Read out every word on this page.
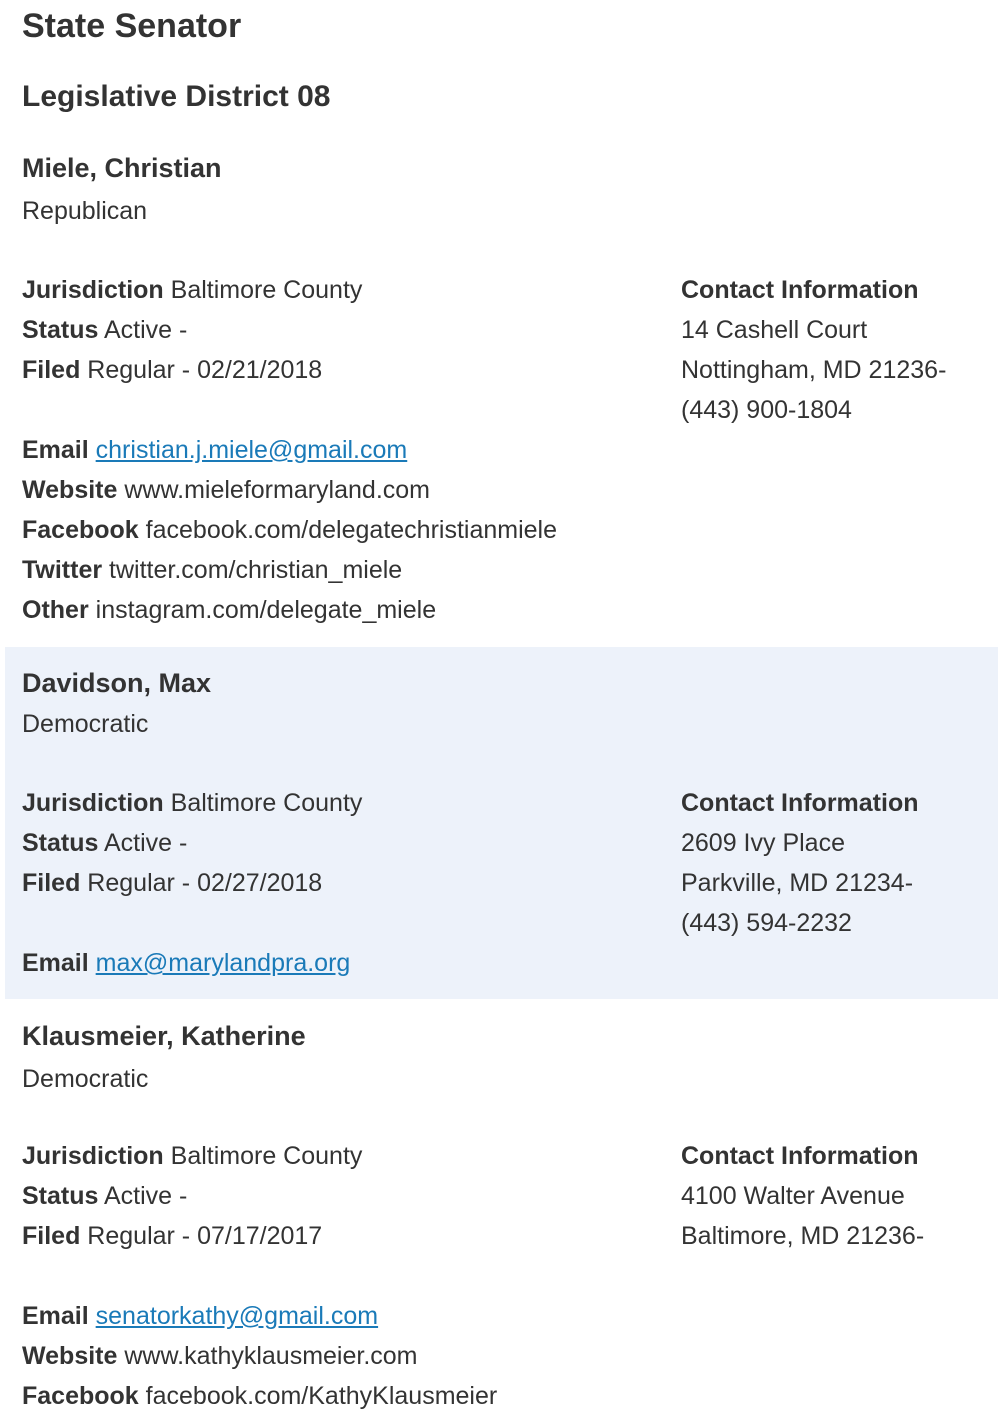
State Senator
Legislative District 08
Miele, Christian
Republican
Jurisdiction Baltimore County
Status Active -
Filed Regular - 02/21/2018
Email christian.j.miele@gmail.com
Website www.mieleformaryland.com
Facebook facebook.com/delegatechristianmiele
Twitter twitter.com/christian_miele
Other instagram.com/delegate_miele
Contact Information
14 Cashell Court
Nottingham, MD 21236-
(443) 900-1804
Davidson, Max
Democratic
Jurisdiction Baltimore County
Status Active -
Filed Regular - 02/27/2018
Email max@marylandpra.org
Contact Information
2609 Ivy Place
Parkville, MD 21234-
(443) 594-2232
Klausmeier, Katherine
Democratic
Jurisdiction Baltimore County
Status Active -
Filed Regular - 07/17/2017
Email senatorkathy@gmail.com
Website www.kathyklausmeier.com
Facebook facebook.com/KathyKlausmeier
Contact Information
4100 Walter Avenue
Baltimore, MD 21236-
